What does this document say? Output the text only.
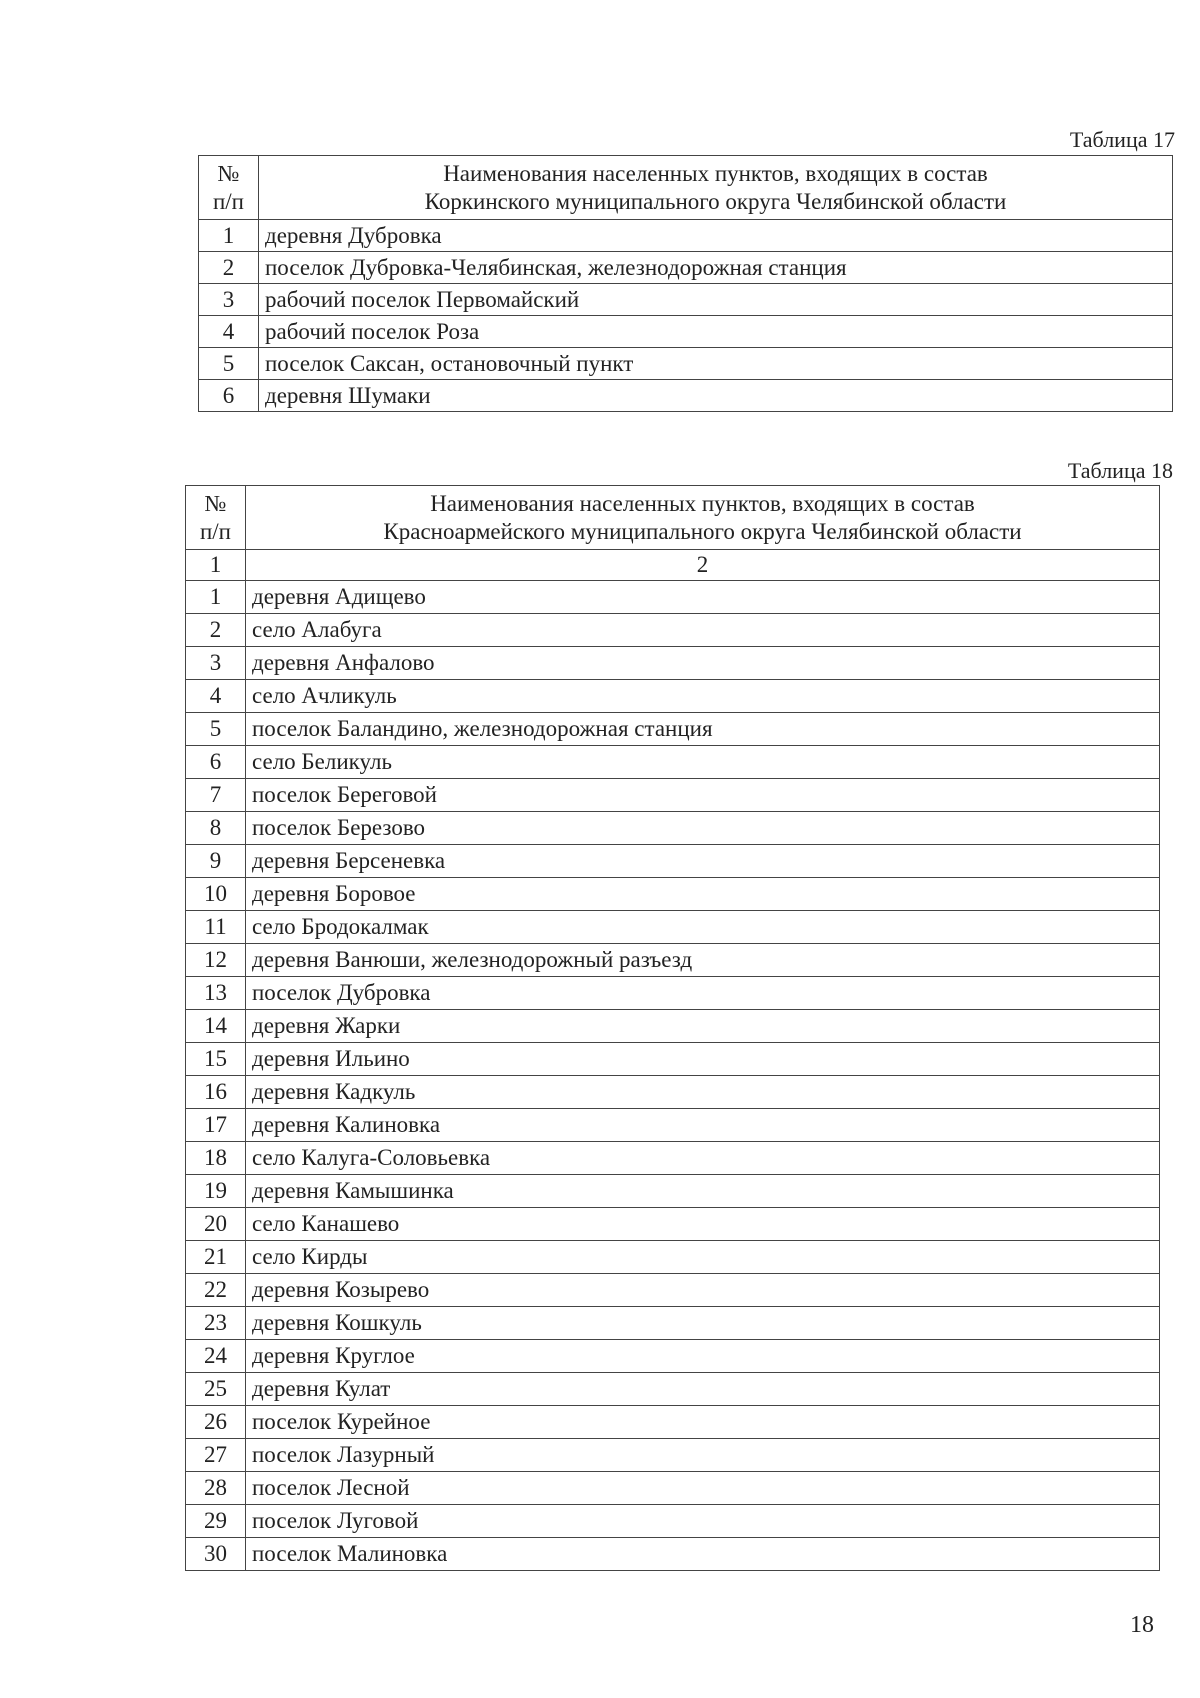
Таблица 17
№
п/п	Наименования населенных пунктов, входящих в состав
Коркинского муниципального округа Челябинской области

1	деревня Дубровка
2	поселок Дубровка-Челябинская, железнодорожная станция
3	рабочий поселок Первомайский
4	рабочий поселок Роза
5	поселок Саксан, остановочный пункт
6	деревня Шумаки
Таблица 18
№
п/п	Наименования населенных пунктов, входящих в состав
Красноармейского муниципального округа Челябинской области

1	2
1	деревня Адищево
2	село Алабуга
3	деревня Анфалово
4	село Ачликуль
5	поселок Баландино, железнодорожная станция
6	село Беликуль
7	поселок Береговой
8	поселок Березово
9	деревня Берсеневка
10	деревня Боровое
11	село Бродокалмак
12	деревня Ванюши, железнодорожный разъезд
13	поселок Дубровка
14	деревня Жарки
15	деревня Ильино
16	деревня Кадкуль
17	деревня Калиновка
18	село Калуга-Соловьевка
19	деревня Камышинка
20	село Канашево
21	село Кирды
22	деревня Козырево
23	деревня Кошкуль
24	деревня Круглое
25	деревня Кулат
26	поселок Курейное
27	поселок Лазурный
28	поселок Лесной
29	поселок Луговой
30	поселок Малиновка
18
